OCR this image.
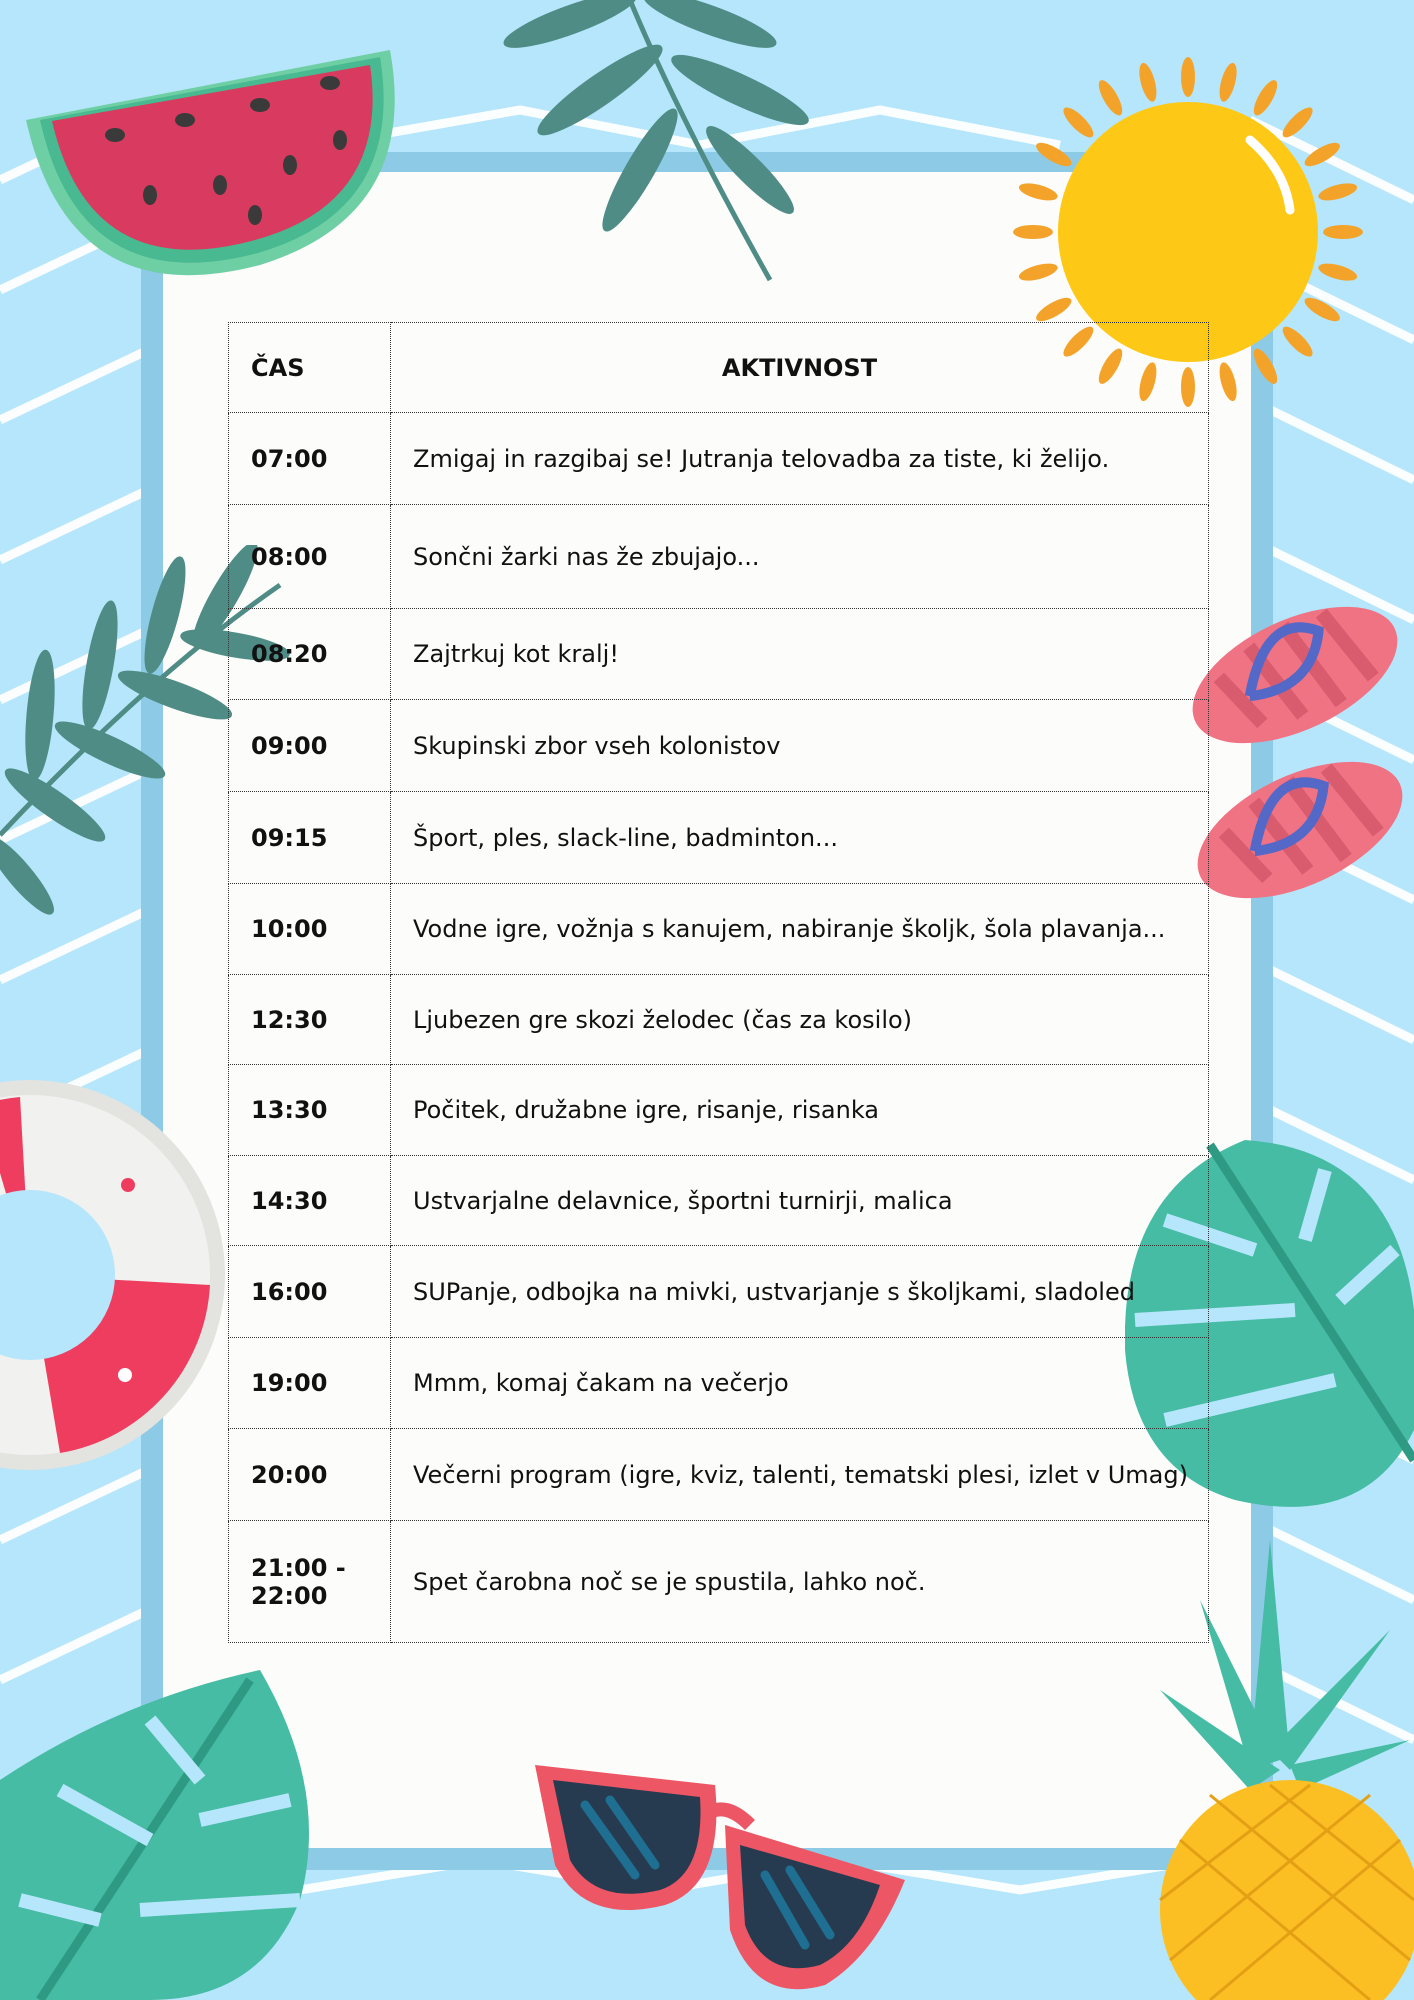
ČAS	AKTIVNOST
07:00	Zmigaj in razgibaj se! Jutranja telovadba za tiste, ki želijo.
08:00	Sončni žarki nas že zbujajo...
08:20	Zajtrkuj kot kralj!
09:00	Skupinski zbor vseh kolonistov
09:15	Šport, ples, slack-line, badminton...
10:00	Vodne igre, vožnja s kanujem, nabiranje školjk, šola plavanja...
12:30	Ljubezen gre skozi želodec (čas za kosilo)
13:30	Počitek, družabne igre, risanje, risanka
14:30	Ustvarjalne delavnice, športni turnirji, malica
16:00	SUPanje, odbojka na mivki, ustvarjanje s školjkami, sladoled
19:00	Mmm, komaj čakam na večerjo
20:00	Večerni program (igre, kviz, talenti, tematski plesi, izlet v Umag)
21:00 - 22:00	Spet čarobna noč se je spustila, lahko noč.
